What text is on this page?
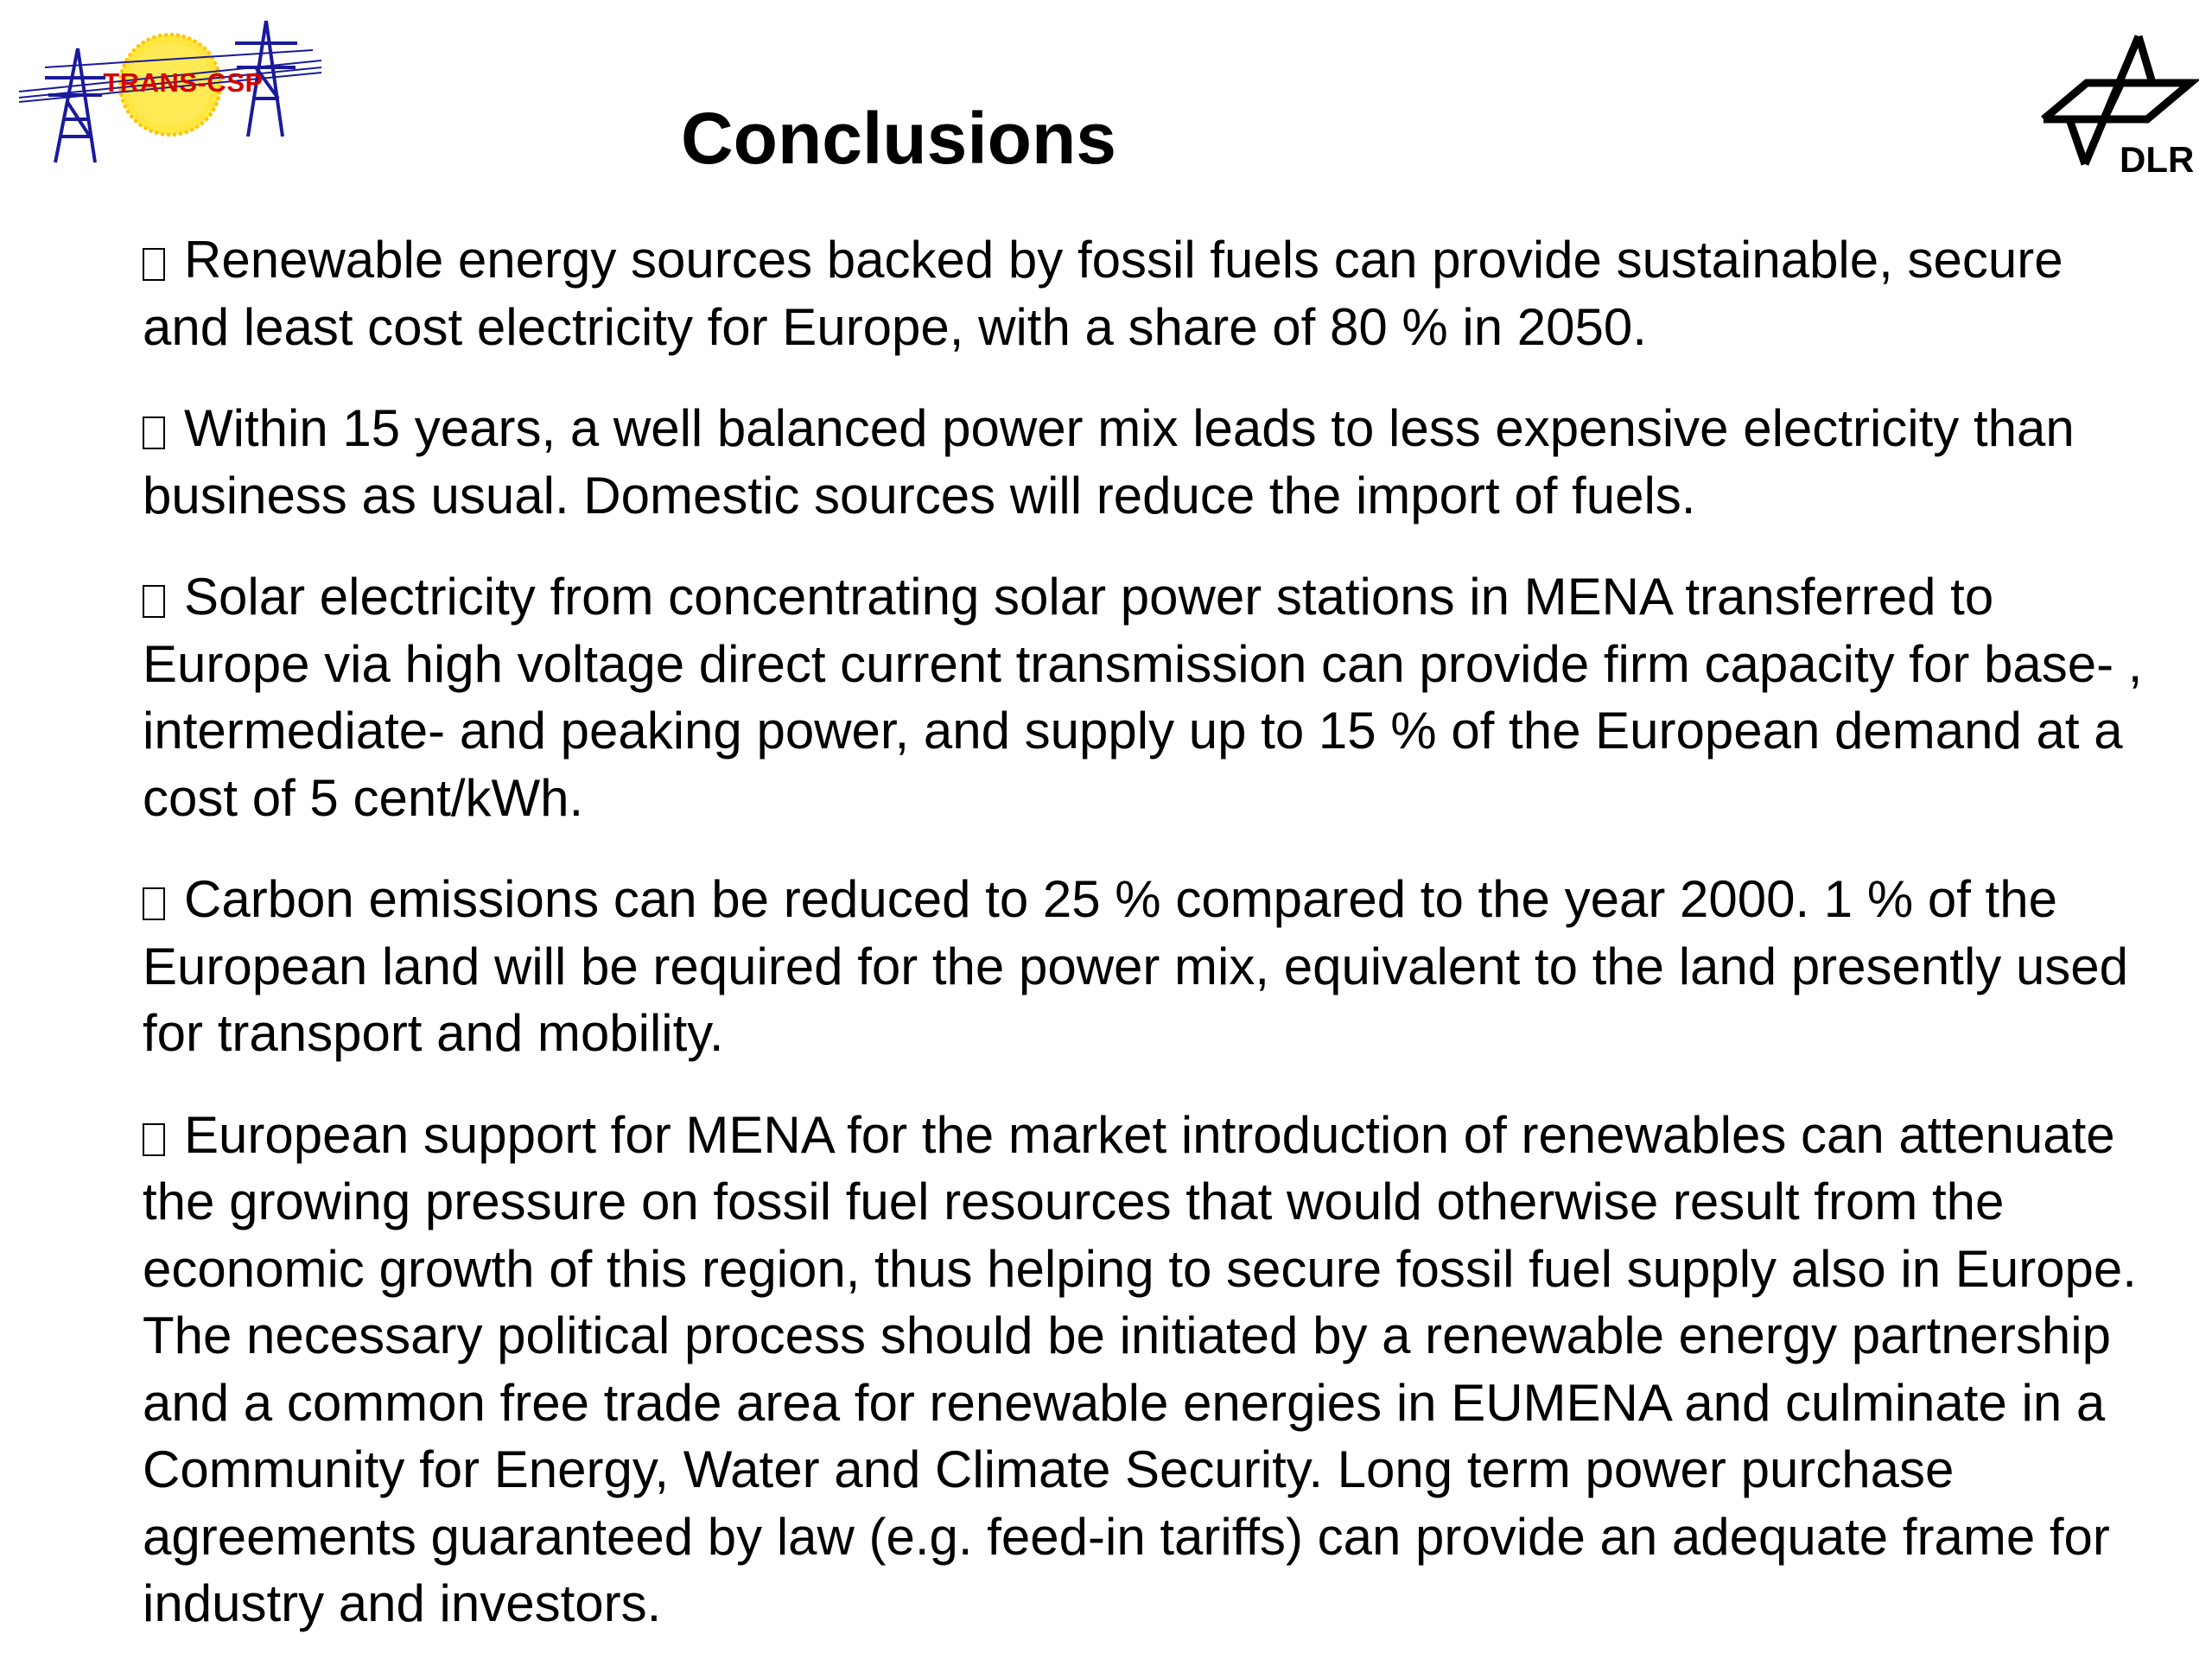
TRANS-CSP
Conclusions	DLR

Renewable energy sources backed by fossil fuels can provide sustainable, secure and least cost electricity for Europe, with a share of 80 % in 2050.

Within 15 years, a well balanced power mix leads to less expensive electricity than business as usual. Domestic sources will reduce the import of fuels.

Solar electricity from concentrating solar power stations in MENA transferred to Europe via high voltage direct current transmission can provide firm capacity for base- , intermediate- and peaking power, and supply up to 15 % of the European demand at a cost of 5 cent/kWh.

Carbon emissions can be reduced to 25 % compared to the year 2000. 1 % of the European land will be required for the power mix, equivalent to the land presently used for transport and mobility.

European support for MENA for the market introduction of renewables can attenuate the growing pressure on fossil fuel resources that would otherwise result from the economic growth of this region, thus helping to secure fossil fuel supply also in Europe. The necessary political process should be initiated by a renewable energy partnership and a common free trade area for renewable energies in EUMENA and culminate in a Community for Energy, Water and Climate Security. Long term power purchase agreements guaranteed by law (e.g. feed-in tariffs) can provide an adequate frame for industry and investors.
